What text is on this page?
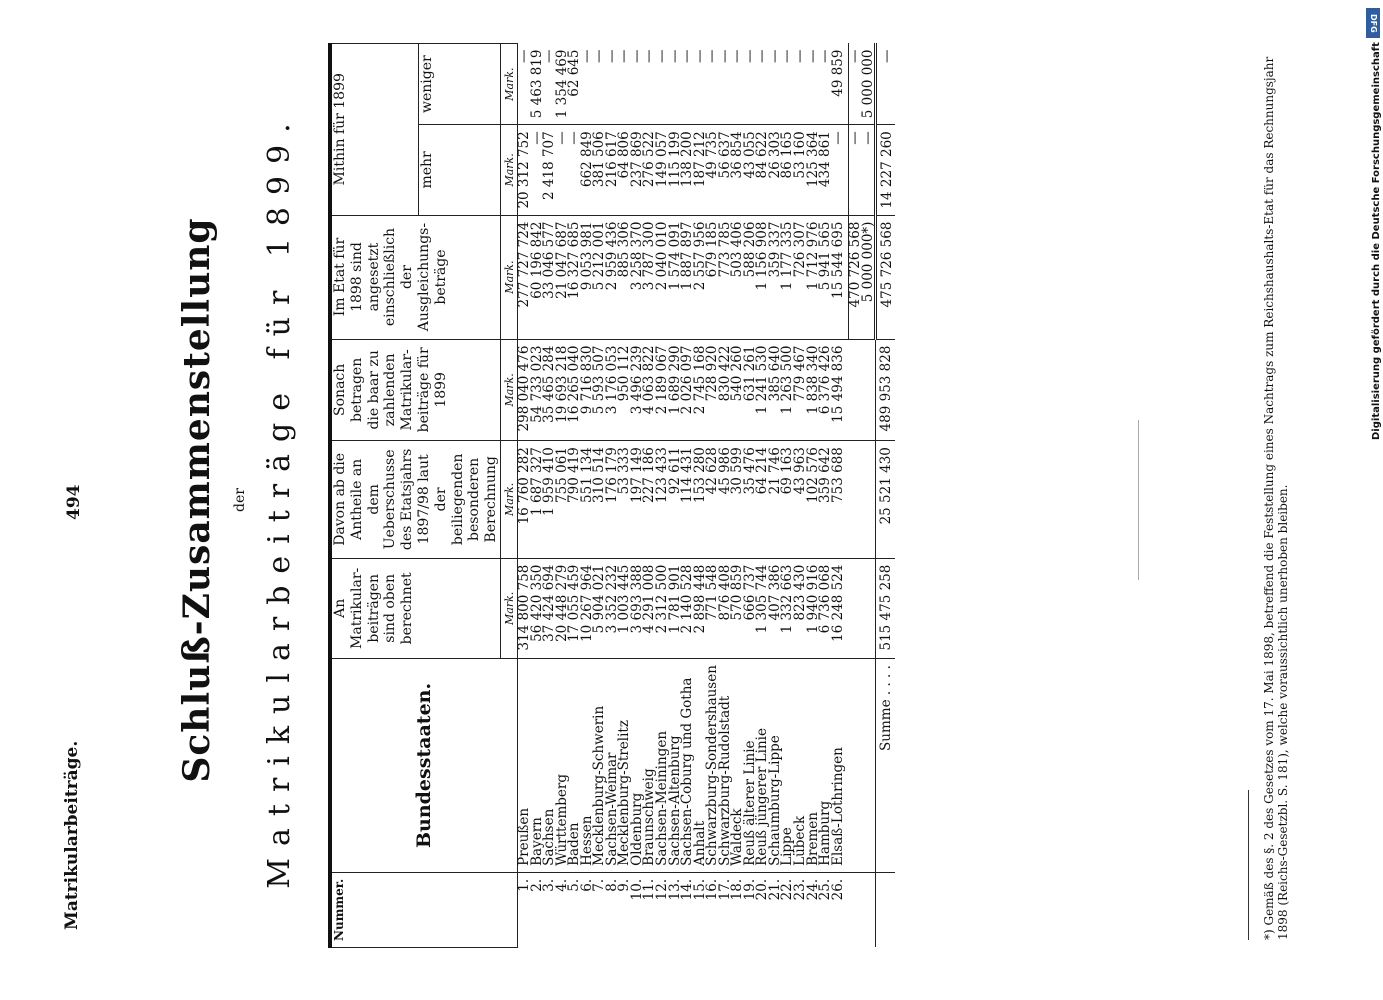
Matrikularbeiträge.
494	Schluß-Zusammenstellung der Matrikularbeiträge für 1899.
Nummer.	Bundesstaaten.	An Matrikular-beiträgen sind oben berechnet	Davon ab die Antheile an dem Ueberschusse des Etatsjahrs 1897/98 laut der beiliegenden besonderen Berechnung	Sonach betragen die baar zu zahlenden Matrikular-beiträge für 1899	Im Etat für 1898 sind angesetzt einschließlich der Ausgleichungs-beträge	Mithin für 1899	
						mehr	weniger
		Mark.	Mark.	Mark.	Mark.	Mark.	Mark.
1.	Preußen	314 800 758	16 760 282	298 040 476	277 727 724	20 312 752	—
2.	Bayern	56 420 350	1 687 327	54 733 023	60 196 842	—	5 463 819
3.	Sachsen	37 424 694	1 959 410	35 465 284	33 046 577	2 418 707	—
4.	Württemberg	20 448 279	755 061	19 693 218	21 047 687	—	1 354 469
5.	Baden	17 055 459	790 419	16 265 040	16 327 685	—	62 645
6.	Hessen	10 267 964	551 134	9 716 830	9 053 981	662 849	—
7.	Mecklenburg-Schwerin	5 904 021	310 514	5 593 507	5 212 001	381 506	—
8.	Sachsen-Weimar	3 352 232	176 179	3 176 053	2 959 436	216 617	—
9.	Mecklenburg-Strelitz	1 003 445	53 333	950 112	885 306	64 806	—
10.	Oldenburg	3 693 388	197 149	3 496 239	3 258 370	237 869	—
11.	Braunschweig	4 291 008	227 186	4 063 822	3 787 300	276 522	—
12.	Sachsen-Meiningen	2 312 500	123 433	2 189 067	2 040 010	149 057	—
13.	Sachsen-Altenburg	1 781 901	92 611	1 689 290	1 574 091	115 199	—
14.	Sachsen-Coburg und Gotha	2 140 528	114 431	2 026 097	1 887 897	138 200	—
15.	Anhalt	2 898 448	153 280	2 745 168	2 557 956	187 212	—
16.	Schwarzburg-Sondershausen	771 548	42 628	728 920	679 185	49 735	—
17.	Schwarzburg-Rudolstadt	876 408	45 986	830 422	773 785	56 637	—
18.	Waldeck	570 859	30 599	540 260	503 406	36 854	—
19.	Reuß älterer Linie	666 737	35 476	631 261	588 206	43 055	—
20.	Reuß jüngerer Linie	1 305 744	64 214	1 241 530	1 156 908	84 622	—
21.	Schaumburg-Lippe	407 386	21 746	385 640	359 337	26 303	—
22.	Lippe	1 332 663	69 163	1 263 500	1 177 335	86 165	—
23.	Lübeck	823 430	43 963	779 467	726 307	53 160	—
24.	Bremen	1 940 916	102 576	1 838 340	1 712 976	125 364	—
25.	Hamburg	6 736 068	359 642	6 376 426	5 941 565	434 861	—
26.	Elsaß-Lothringen	16 248 524	753 688	15 494 836	15 544 695	—	49 859
					470 726 568	—	—
					5 000 000*)	—	5 000 000
	Summe . . . .	515 475 258	25 521 430	489 953 828	475 726 568	14 227 260	—
*) Gemäß des §. 2 des Gesetzes vom 17. Mai 1898, betreffend die Feststellung eines Nachtrags zum Reichshaushalts-Etat für das Rechnungsjahr 1898 (Reichs-Gesetzbl. S. 181), welche voraussichtlich unerhoben bleiben.
DFG
Digitalisierung gefördert durch die Deutsche Forschungsgemeinschaft
